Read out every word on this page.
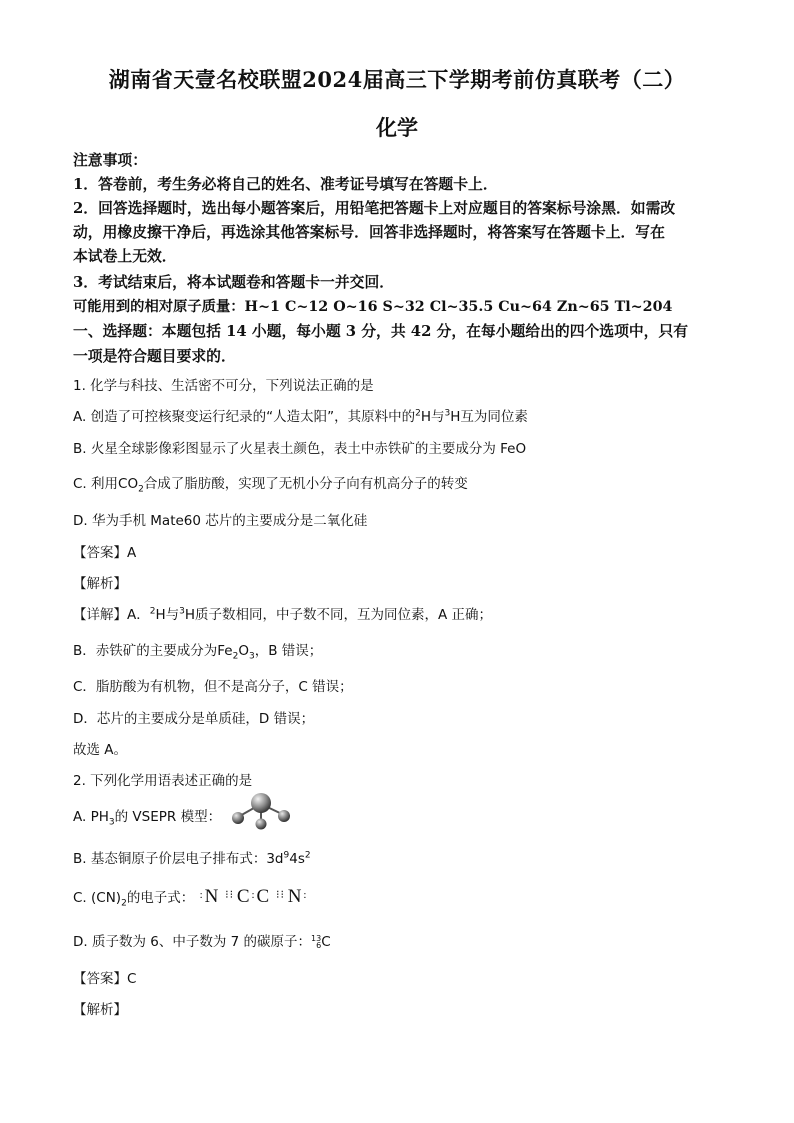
湖南省天壹名校联盟2024届高三下学期考前仿真联考（二）
化学
注意事项：
1．答卷前，考生务必将自己的姓名、准考证号填写在答题卡上．
2．回答选择题时，选出每小题答案后，用铅笔把答题卡上对应题目的答案标号涂黑．如需改
动，用橡皮擦干净后，再选涂其他答案标号．回答非选择题时，将答案写在答题卡上．写在
本试卷上无效．
3．考试结束后，将本试题卷和答题卡一并交回．
可能用到的相对原子质量：H~1 C~12 O~16 S~32 Cl~35.5 Cu~64 Zn~65 Tl~204
一、选择题：本题包括 14 小题，每小题 3 分，共 42 分，在每小题给出的四个选项中，只有
一项是符合题目要求的．
1. 化学与科技、生活密不可分，下列说法正确的是
A. 创造了可控核聚变运行纪录的“人造太阳”，其原料中的$^2$H与$^3$H互为同位素
B. 火星全球影像彩图显示了火星表土颜色，表土中赤铁矿的主要成分为 FeO
C. 利用$CO_2$合成了脂肪酸，实现了无机小分子向有机高分子的转变
D. 华为手机 Mate60 芯片的主要成分是二氧化硅
【答案】A
【解析】
【详解】A．$^2$H与$^3$H质子数相同，中子数不同，互为同位素，A 正确；
B．赤铁矿的主要成分为$Fe_2O_3$，B 错误；
C．脂肪酸为有机物，但不是高分子，C 错误；
D．芯片的主要成分是单质硅，D 错误；
故选 A。
2. 下列化学用语表述正确的是
A. $PH_3$的 VSEPR 模型：
B. 基态铜原子价层电子排布式：$3d^94s^2$
C. $(CN)_2$的电子式： :N ⁝⁝ C:C ⁝⁝ N:
D. 质子数为 6、中子数为 7 的碳原子：13
6C
【答案】C
【解析】
